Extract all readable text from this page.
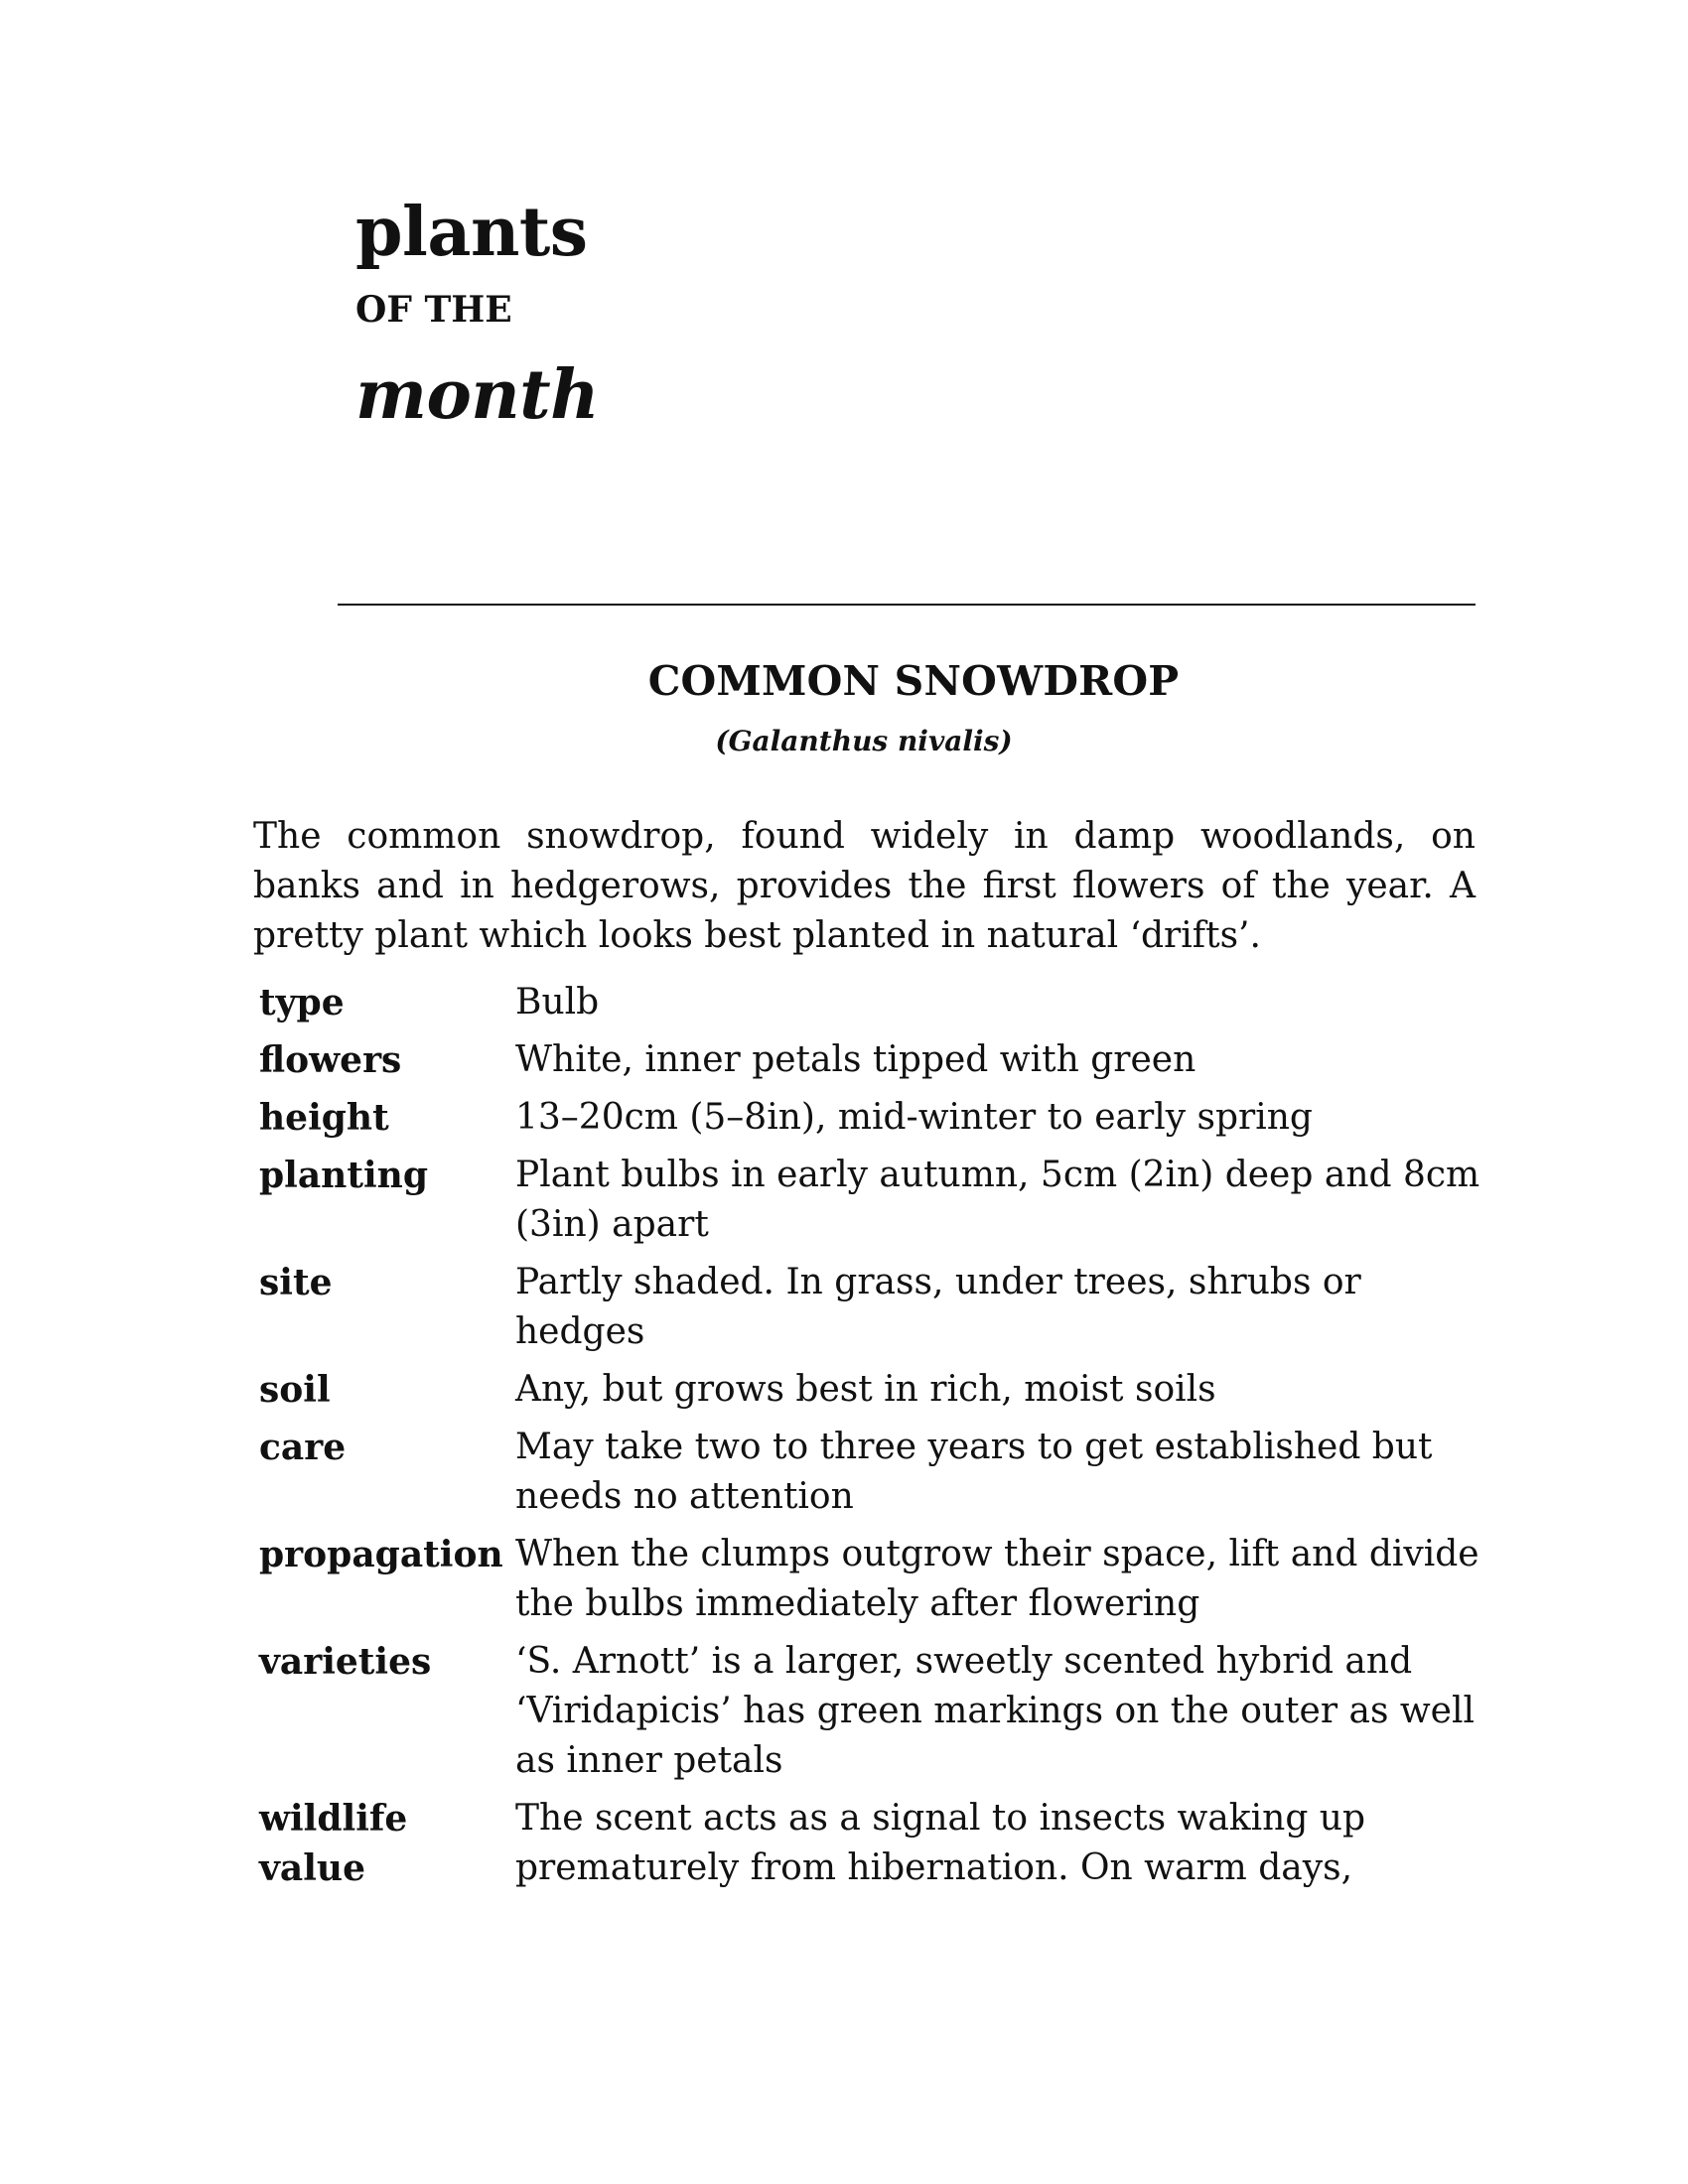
plants
OF THE
month
COMMON SNOWDROP
(Galanthus nivalis)

The common snowdrop, found widely in damp woodlands, on banks and in hedgerows, provides the first flowers of the year. A pretty plant which looks best planted in natural ‘drifts’.

type	Bulb
flowers	White, inner petals tipped with green
height	13–20cm (5–8in), mid-winter to early spring
planting	Plant bulbs in early autumn, 5cm (2in) deep and 8cm (3in) apart
site	Partly shaded. In grass, under trees, shrubs or hedges
soil	Any, but grows best in rich, moist soils
care	May take two to three years to get established but needs no attention
propagation	When the clumps outgrow their space, lift and divide the bulbs immediately after flowering
varieties	‘S. Arnott’ is a larger, sweetly scented hybrid and ‘Viridapicis’ has green markings on the outer as well as inner petals
wildlife value	The scent acts as a signal to insects waking up prematurely from hibernation. On warm days,
